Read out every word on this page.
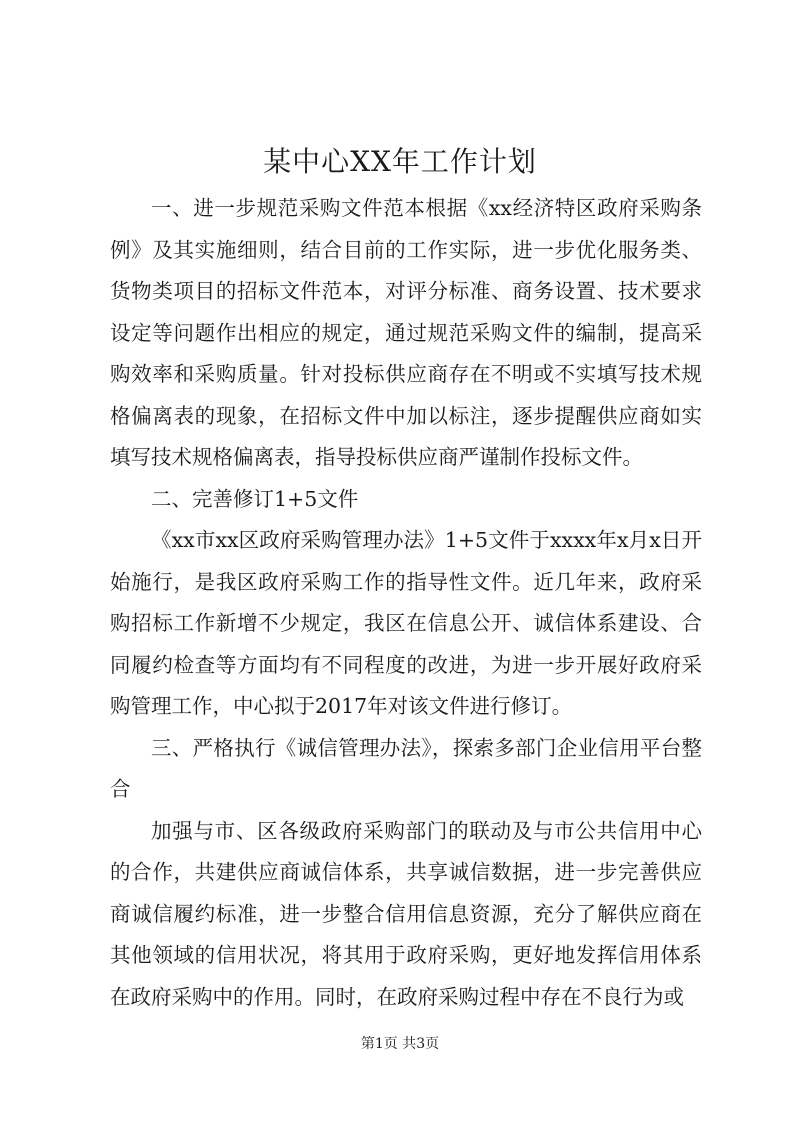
某中心XX年工作计划

一、进一步规范采购文件范本根据《xx经济特区政府采购条例》及其实施细则，结合目前的工作实际，进一步优化服务类、货物类项目的招标文件范本，对评分标准、商务设置、技术要求设定等问题作出相应的规定，通过规范采购文件的编制，提高采购效率和采购质量。针对投标供应商存在不明或不实填写技术规格偏离表的现象，在招标文件中加以标注，逐步提醒供应商如实填写技术规格偏离表，指导投标供应商严谨制作投标文件。

二、完善修订1+5文件

《xx市xx区政府采购管理办法》1+5文件于xxxx年x月x日开始施行，是我区政府采购工作的指导性文件。近几年来，政府采购招标工作新增不少规定，我区在信息公开、诚信体系建设、合同履约检查等方面均有不同程度的改进，为进一步开展好政府采购管理工作，中心拟于2017年对该文件进行修订。

三、严格执行《诚信管理办法》，探索多部门企业信用平台整合

加强与市、区各级政府采购部门的联动及与市公共信用中心的合作，共建供应商诚信体系，共享诚信数据，进一步完善供应商诚信履约标准，进一步整合信用信息资源，充分了解供应商在其他领域的信用状况，将其用于政府采购，更好地发挥信用体系在政府采购中的作用。同时，在政府采购过程中存在不良行为或

第1页 共3页
